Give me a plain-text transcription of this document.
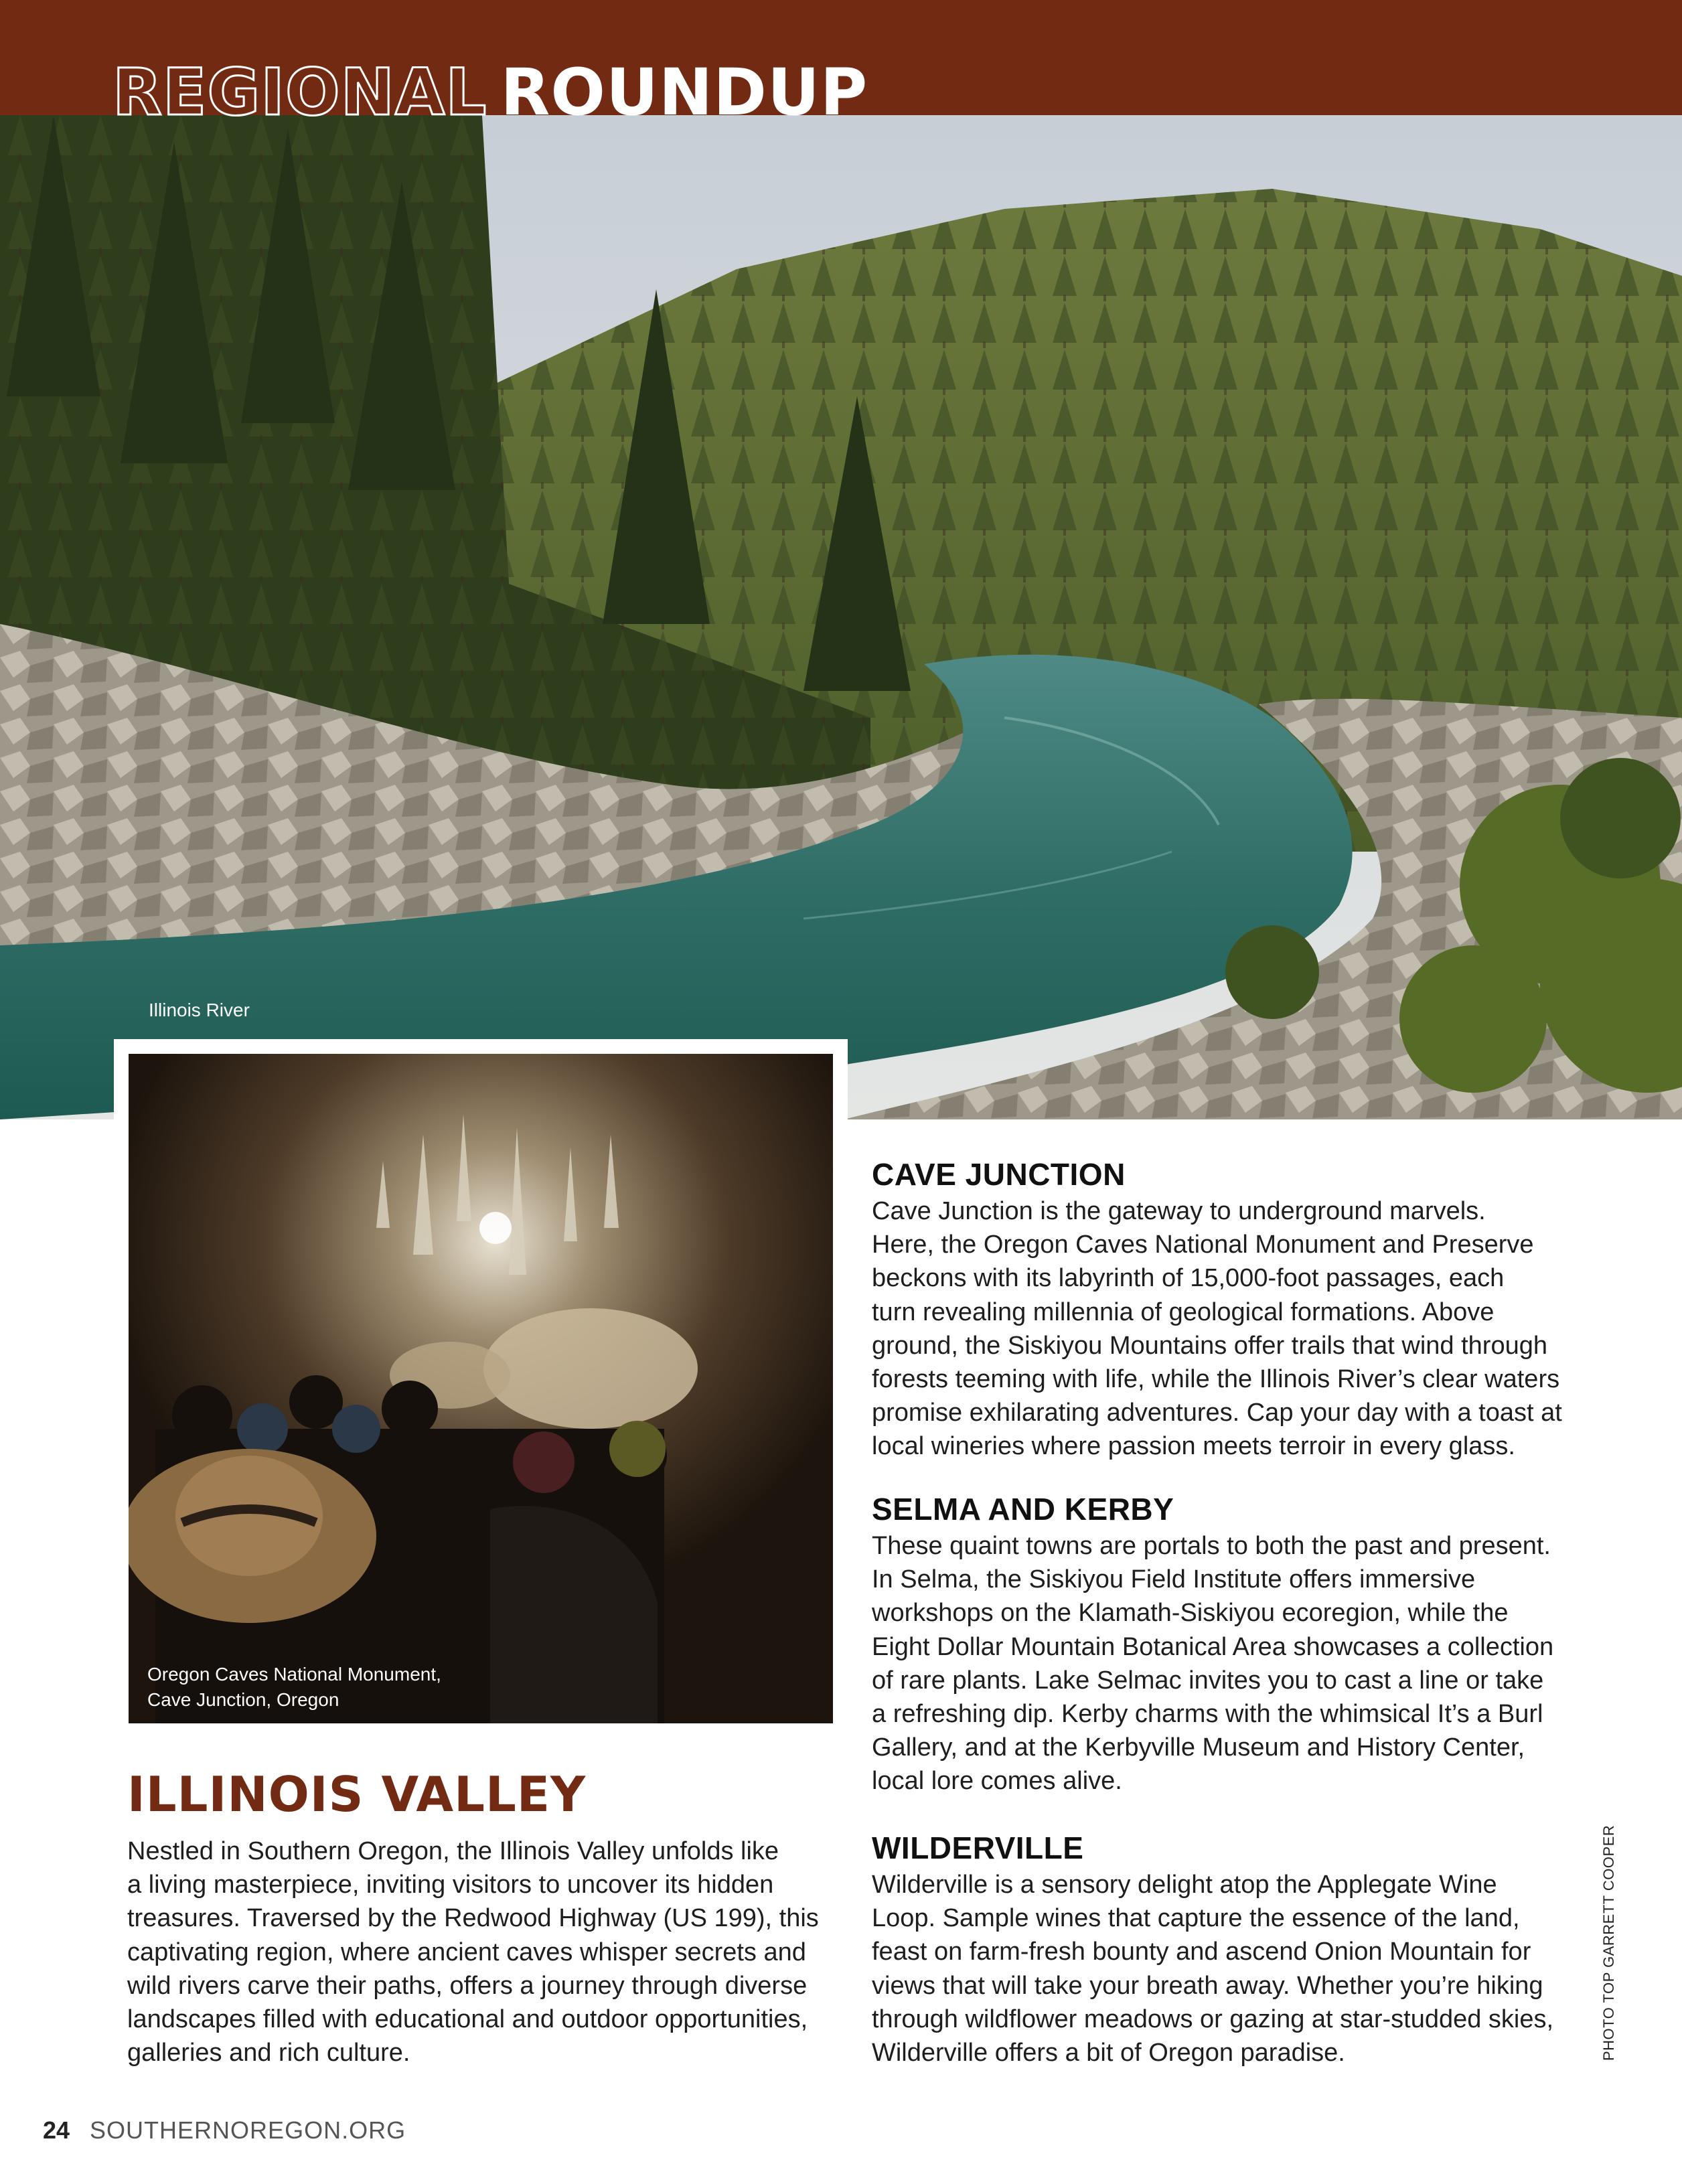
Illinois River
REGIONAL ROUNDUP
Oregon Caves National Monument,
Cave Junction, Oregon
CAVE JUNCTION
Cave Junction is the gateway to underground marvels.
Here, the Oregon Caves National Monument and Preserve
beckons with its labyrinth of 15,000-foot passages, each
turn revealing millennia of geological formations. Above
ground, the Siskiyou Mountains offer trails that wind through
forests teeming with life, while the Illinois River’s clear waters
promise exhilarating adventures. Cap your day with a toast at
local wineries where passion meets terroir in every glass.
SELMA AND KERBY
These quaint towns are portals to both the past and present.
In Selma, the Siskiyou Field Institute offers immersive
workshops on the Klamath-Siskiyou ecoregion, while the
Eight Dollar Mountain Botanical Area showcases a collection
of rare plants. Lake Selmac invites you to cast a line or take
a refreshing dip. Kerby charms with the whimsical It’s a Burl
Gallery, and at the Kerbyville Museum and History Center,
local lore comes alive.
WILDERVILLE
Wilderville is a sensory delight atop the Applegate Wine
Loop. Sample wines that capture the essence of the land,
feast on farm-fresh bounty and ascend Onion Mountain for
views that will take your breath away. Whether you’re hiking
through wildflower meadows or gazing at star-studded skies,
Wilderville offers a bit of Oregon paradise.
ILLINOIS VALLEY
Nestled in Southern Oregon, the Illinois Valley unfolds like
a living masterpiece, inviting visitors to uncover its hidden
treasures. Traversed by the Redwood Highway (US 199), this
captivating region, where ancient caves whisper secrets and
wild rivers carve their paths, offers a journey through diverse
landscapes filled with educational and outdoor opportunities,
galleries and rich culture.	PHOTO TOP GARRETT COOPER
24 SOUTHERNOREGON.ORG
